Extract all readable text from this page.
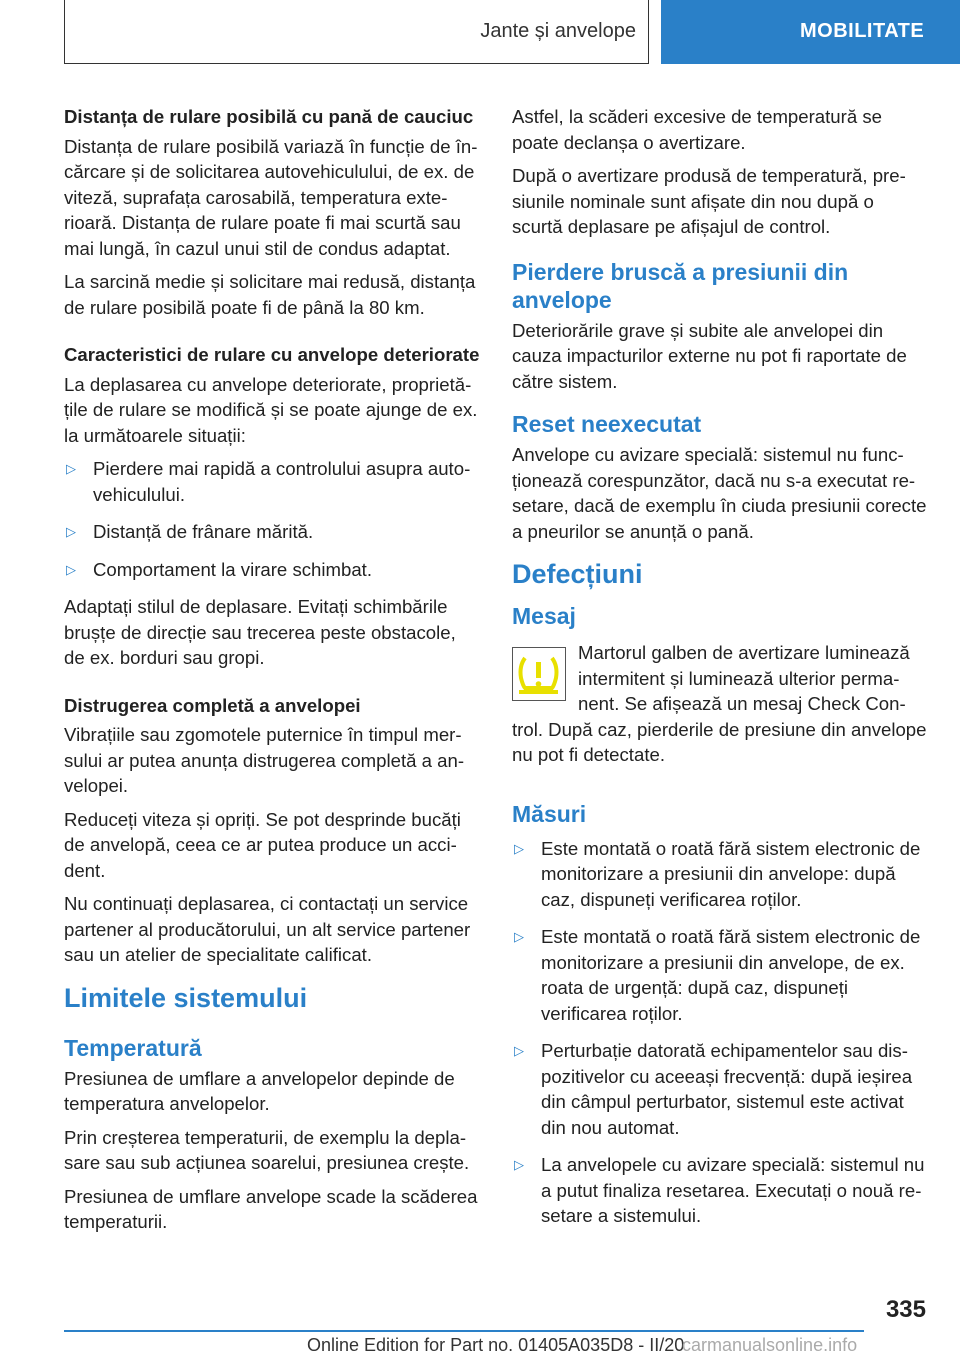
Jante și anvelope	MOBILITATE
Distanța de rulare posibilă cu pană de cauciuc

Distanța de rulare posibilă variază în funcție de încărcare și de solicitarea autovehiculului, de ex. de viteză, suprafața carosabilă, temperatura exterioară. Distanța de rulare poate fi mai scurtă sau mai lungă, în cazul unui stil de condus adaptat.

La sarcină medie și solicitare mai redusă, distanța de rulare posibilă poate fi de până la 80 km.

Caracteristici de rulare cu anvelope deteriorate

La deplasarea cu anvelope deteriorate, proprietățile de rulare se modifică și se poate ajunge de ex. la următoarele situații:

▷ Pierdere mai rapidă a controlului asupra autovehiculului.
▷ Distanță de frânare mărită.
▷ Comportament la virare schimbat.

Adaptați stilul de deplasare. Evitați schimbările brușțe de direcție sau trecerea peste obstacole, de ex. borduri sau gropi.

Distrugerea completă a anvelopei

Vibrațiile sau zgomotele puternice în timpul mersului ar putea anunța distrugerea completă a anvelopei.

Reduceți viteza și opriți. Se pot desprinde bucăți de anvelopă, ceea ce ar putea produce un accident.

Nu continuați deplasarea, ci contactați un service partener al producătorului, un alt service partener sau un atelier de specialitate calificat.

Limitele sistemului
Temperatură

Presiunea de umflare a anvelopelor depinde de temperatura anvelopelor.

Prin creșterea temperaturii, de exemplu la deplasare sau sub acțiunea soarelui, presiunea crește.

Presiunea de umflare anvelope scade la scăderea temperaturii.

Astfel, la scăderi excesive de temperatură se poate declanșa o avertizare.

După o avertizare produsă de temperatură, presiunile nominale sunt afișate din nou după o scurtă deplasare pe afișajul de control.

Pierdere bruscă a presiunii din anvelope

Deteriorările grave și subite ale anvelopei din cauza impacturilor externe nu pot fi raportate de către sistem.

Reset neexecutat

Anvelope cu avizare specială: sistemul nu funcționează corespunzător, dacă nu s-a executat resetare, dacă de exemplu în ciuda presiunii corecte a pneurilor se anunță o pană.

Defecțiuni
Mesaj

Martorul galben de avertizare luminează intermitent și luminează ulterior permanent. Se afișează un mesaj Check Control. După caz, pierderile de presiune din anvelope nu pot fi detectate.

Măsuri
▷ Este montată o roată fără sistem electronic de monitorizare a presiunii din anvelope: după caz, dispuneți verificarea roților.
▷ Este montată o roată fără sistem electronic de monitorizare a presiunii din anvelope, de ex. roata de urgență: după caz, dispuneți verificarea roților.
▷ Perturbație datorată echipamentelor sau dispozitivelor cu aceeași frecvență: după ieșirea din câmpul perturbator, sistemul este activat din nou automat.
▷ La anvelopele cu avizare specială: sistemul nu a putut finaliza resetarea. Executați o nouă resetare a sistemului.
335
Online Edition for Part no. 01405A035D8 - II/20
carmanualsonline.info
